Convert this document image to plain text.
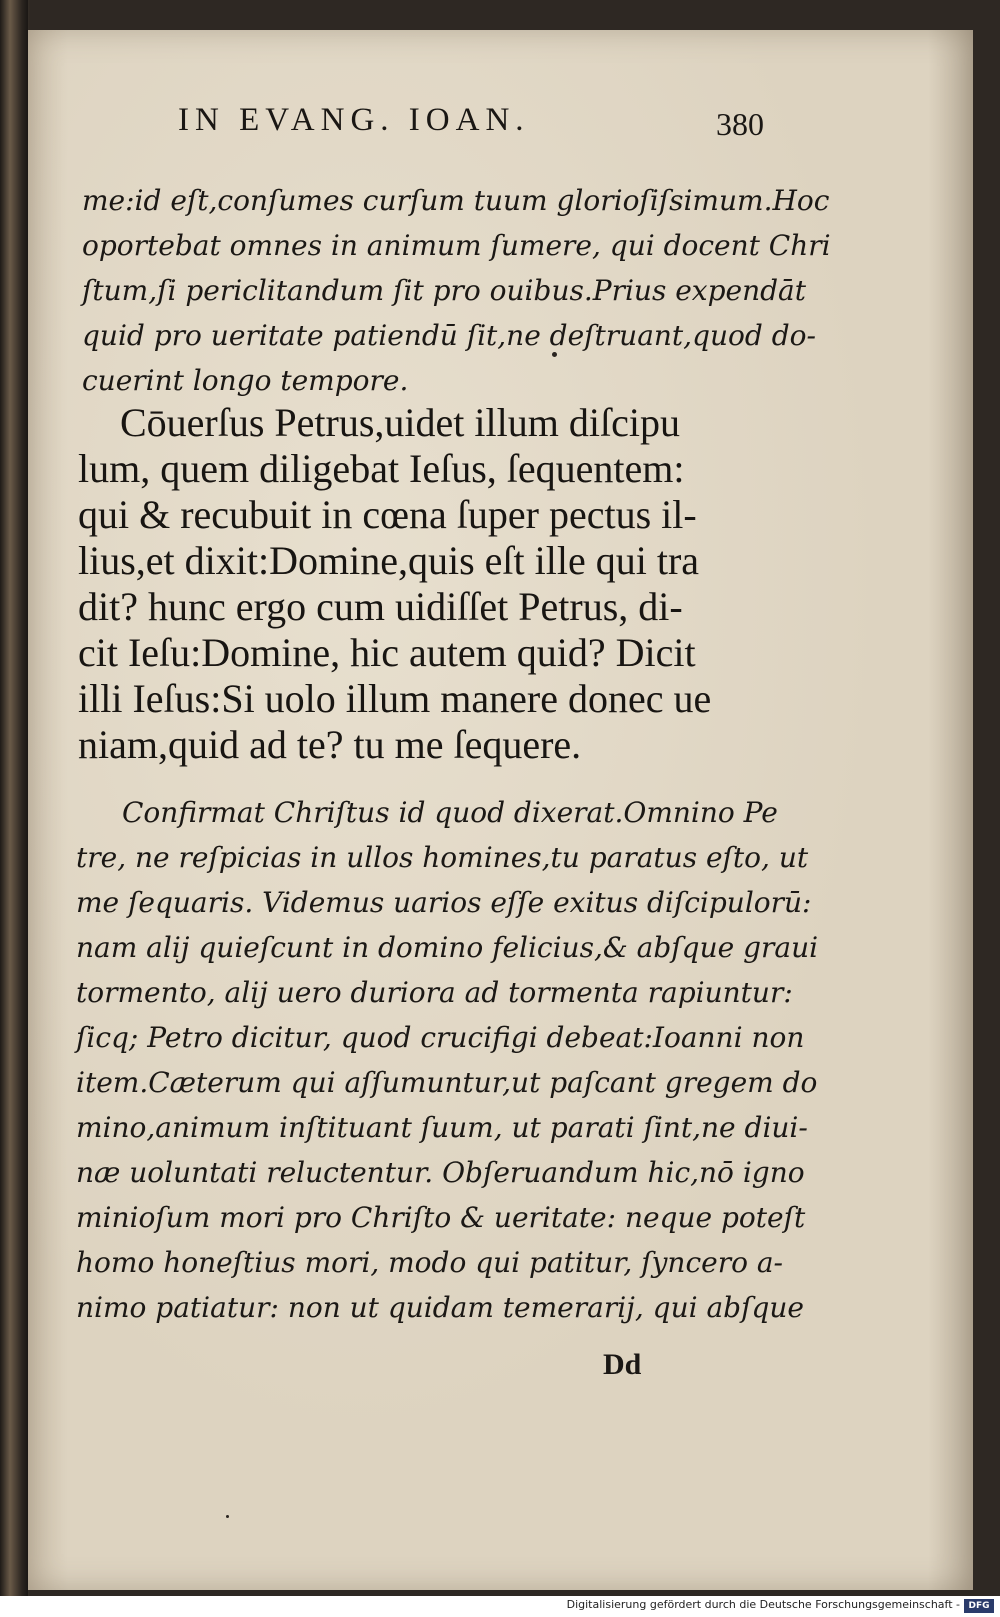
IN EVANG. IOAN.	380
me:id eſt,conſumes curſum tuum glorioſiſsimum.Hoc
oportebat omnes in animum ſumere, qui docent Chri
ſtum,ſi periclitandum ſit pro ouibus.Prius expendāt
quid pro ueritate patiendū ſit,ne deſtruant,quod do-
cuerint longo tempore.
Cōuerſus Petrus,uidet illum diſcipu
lum, quem diligebat Ieſus, ſequentem:
qui & recubuit in cœna ſuper pectus il-
lius,et dixit:Domine,quis eſt ille qui tra
dit? hunc ergo cum uidiſſet Petrus, di-
cit Ieſu:Domine, hic autem quid? Dicit
illi Ieſus:Si uolo illum manere donec ue
niam,quid ad te? tu me ſequere.
Confirmat Chriſtus id quod dixerat.Omnino Pe
tre, ne reſpicias in ullos homines,tu paratus eſto, ut
me ſequaris. Videmus uarios eſſe exitus diſcipulorū:
nam alij quieſcunt in domino felicius,& abſque graui
tormento, alij uero duriora ad tormenta rapiuntur:
ſicq; Petro dicitur, quod crucifigi debeat:Ioanni non
item.Cæterum qui aſſumuntur,ut paſcant gregem do
mino,animum inſtituant ſuum, ut parati ſint,ne diui-
næ uoluntati reluctentur. Obſeruandum hic,nō igno
minioſum mori pro Chriſto & ueritate: neque poteſt
homo honeſtius mori, modo qui patitur, ſyncero a-
nimo patiatur: non ut quidam temerarij, qui abſque
Dd
Digitalisierung gefördert durch die Deutsche Forschungsgemeinschaft - DFG
